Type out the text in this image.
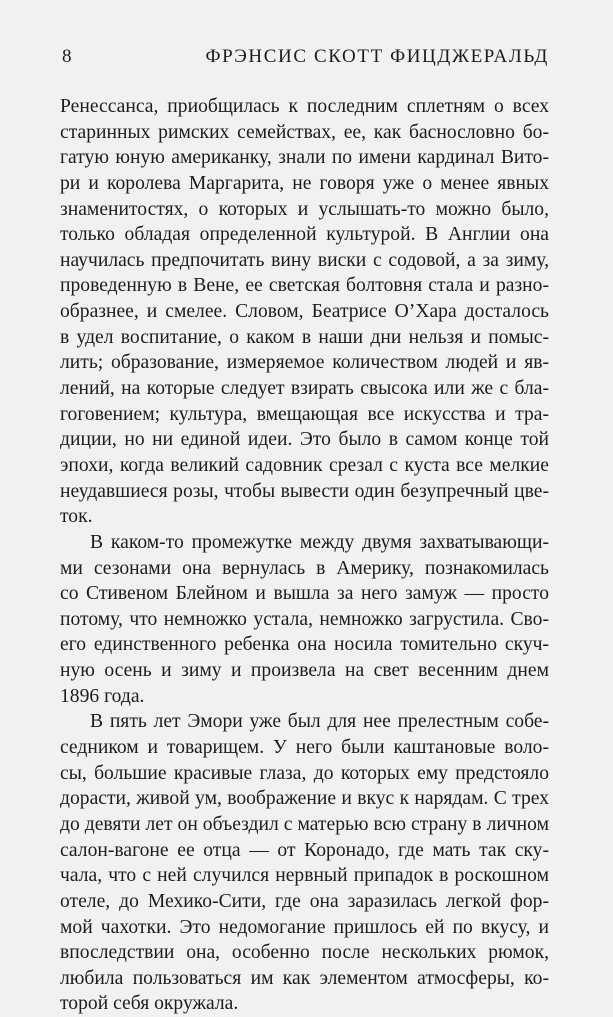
8	ФРЭНСИС СКОТТ ФИЦДЖЕРАЛЬД
Ренессанса, приобщилась к последним сплетням о всех
старинных римских семействах, ее, как баснословно бо-
гатую юную американку, знали по имени кардинал Вито-
ри и королева Маргарита, не говоря уже о менее явных
знаменитостях, о которых и услышать-то можно было,
только обладая определенной культурой. В Англии она
научилась предпочитать вину виски с содовой, а за зиму,
проведенную в Вене, ее светская болтовня стала и разно-
образнее, и смелее. Словом, Беатрисе О’Хара досталось
в удел воспитание, о каком в наши дни нельзя и помыс-
лить; образование, измеряемое количеством людей и яв-
лений, на которые следует взирать свысока или же с бла-
гоговением; культура, вмещающая все искусства и тра-
диции, но ни единой идеи. Это было в самом конце той
эпохи, когда великий садовник срезал с куста все мелкие
неудавшиеся розы, чтобы вывести один безупречный цве-
ток.
В каком-то промежутке между двумя захватывающи-
ми сезонами она вернулась в Америку, познакомилась
со Стивеном Блейном и вышла за него замуж — просто
потому, что немножко устала, немножко загрустила. Сво-
его единственного ребенка она носила томительно скуч-
ную осень и зиму и произвела на свет весенним днем
1896 года.
В пять лет Эмори уже был для нее прелестным собе-
седником и товарищем. У него были каштановые воло-
сы, большие красивые глаза, до которых ему предстояло
дорасти, живой ум, воображение и вкус к нарядам. С трех
до девяти лет он объездил с матерью всю страну в личном
салон-вагоне ее отца — от Коронадо, где мать так ску-
чала, что с ней случился нервный припадок в роскошном
отеле, до Мехико-Сити, где она заразилась легкой фор-
мой чахотки. Это недомогание пришлось ей по вкусу, и
впоследствии она, особенно после нескольких рюмок,
любила пользоваться им как элементом атмосферы, ко-
торой себя окружала.
